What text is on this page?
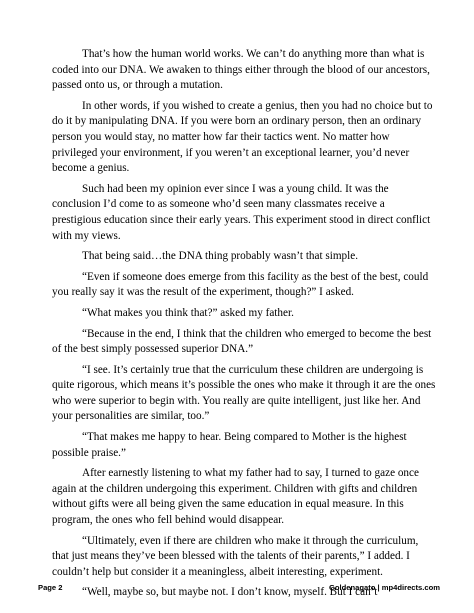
That’s how the human world works. We can’t do anything more than what is coded into our DNA. We awaken to things either through the blood of our ancestors, passed onto us, or through a mutation.

In other words, if you wished to create a genius, then you had no choice but to do it by manipulating DNA. If you were born an ordinary person, then an ordinary person you would stay, no matter how far their tactics went. No matter how privileged your environment, if you weren’t an exceptional learner, you’d never become a genius.

Such had been my opinion ever since I was a young child. It was the conclusion I’d come to as someone who’d seen many classmates receive a prestigious education since their early years. This experiment stood in direct conflict with my views.

That being said…the DNA thing probably wasn’t that simple.

“Even if someone does emerge from this facility as the best of the best, could you really say it was the result of the experiment, though?” I asked.

“What makes you think that?” asked my father.

“Because in the end, I think that the children who emerged to become the best of the best simply possessed superior DNA.”

“I see. It’s certainly true that the curriculum these children are undergoing is quite rigorous, which means it’s possible the ones who make it through it are the ones who were superior to begin with. You really are quite intelligent, just like her. And your personalities are similar, too.”

“That makes me happy to hear. Being compared to Mother is the highest possible praise.”

After earnestly listening to what my father had to say, I turned to gaze once again at the children undergoing this experiment. Children with gifts and children without gifts were all being given the same education in equal measure. In this program, the ones who fell behind would disappear.

“Ultimately, even if there are children who make it through the curriculum, that just means they’ve been blessed with the talents of their parents,” I added. I couldn’t help but consider it a meaningless, albeit interesting, experiment.

“Well, maybe so, but maybe not. I don’t know, myself. But I can’t

Page 2	Goldenagato | mp4directs.com
